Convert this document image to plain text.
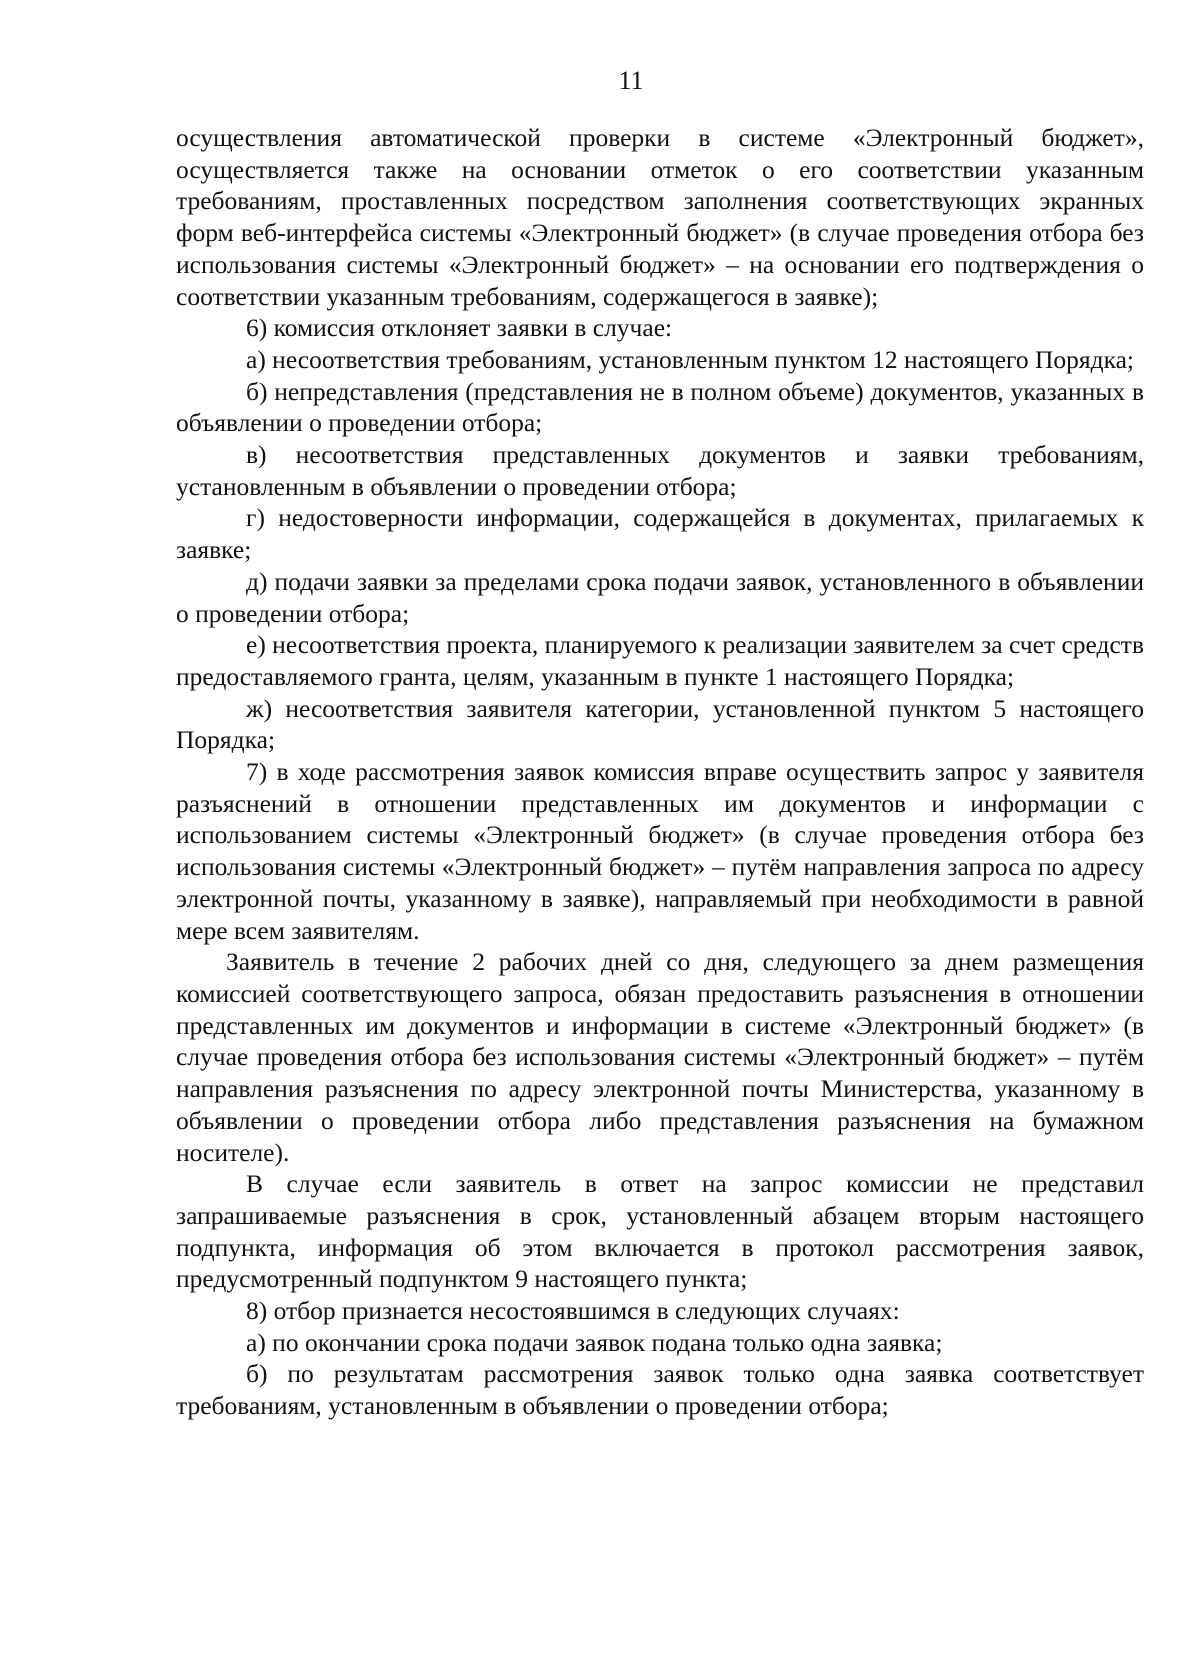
11

осуществления автоматической проверки в системе «Электронный бюджет», осуществляется также на основании отметок о его соответствии указанным требованиям, проставленных посредством заполнения соответствующих экранных форм веб-интерфейса системы «Электронный бюджет» (в случае проведения отбора без использования системы «Электронный бюджет» – на основании его подтверждения о соответствии указанным требованиям, содержащегося в заявке);

6) комиссия отклоняет заявки в случае:

а) несоответствия требованиям, установленным пунктом 12 настоящего Порядка;

б) непредставления (представления не в полном объеме) документов, указанных в объявлении о проведении отбора;

в) несоответствия представленных документов и заявки требованиям, установленным в объявлении о проведении отбора;

г) недостоверности информации, содержащейся в документах, прилагаемых к заявке;

д) подачи заявки за пределами срока подачи заявок, установленного в объявлении о проведении отбора;

е) несоответствия проекта, планируемого к реализации заявителем за счет средств предоставляемого гранта, целям, указанным в пункте 1 настоящего Порядка;

ж) несоответствия заявителя категории, установленной пунктом 5 настоящего Порядка;

7) в ходе рассмотрения заявок комиссия вправе осуществить запрос у заявителя разъяснений в отношении представленных им документов и информации с использованием системы «Электронный бюджет» (в случае проведения отбора без использования системы «Электронный бюджет» – путём направления запроса по адресу электронной почты, указанному в заявке), направляемый при необходимости в равной мере всем заявителям.

Заявитель в течение 2 рабочих дней со дня, следующего за днем размещения комиссией соответствующего запроса, обязан предоставить разъяснения в отношении представленных им документов и информации в системе «Электронный бюджет» (в случае проведения отбора без использования системы «Электронный бюджет» – путём направления разъяснения по адресу электронной почты Министерства, указанному в объявлении о проведении отбора либо представления разъяснения на бумажном носителе).

В случае если заявитель в ответ на запрос комиссии не представил запрашиваемые разъяснения в срок, установленный абзацем вторым настоящего подпункта, информация об этом включается в протокол рассмотрения заявок, предусмотренный подпунктом 9 настоящего пункта;

8) отбор признается несостоявшимся в следующих случаях:

а) по окончании срока подачи заявок подана только одна заявка;

б) по результатам рассмотрения заявок только одна заявка соответствует требованиям, установленным в объявлении о проведении отбора;
